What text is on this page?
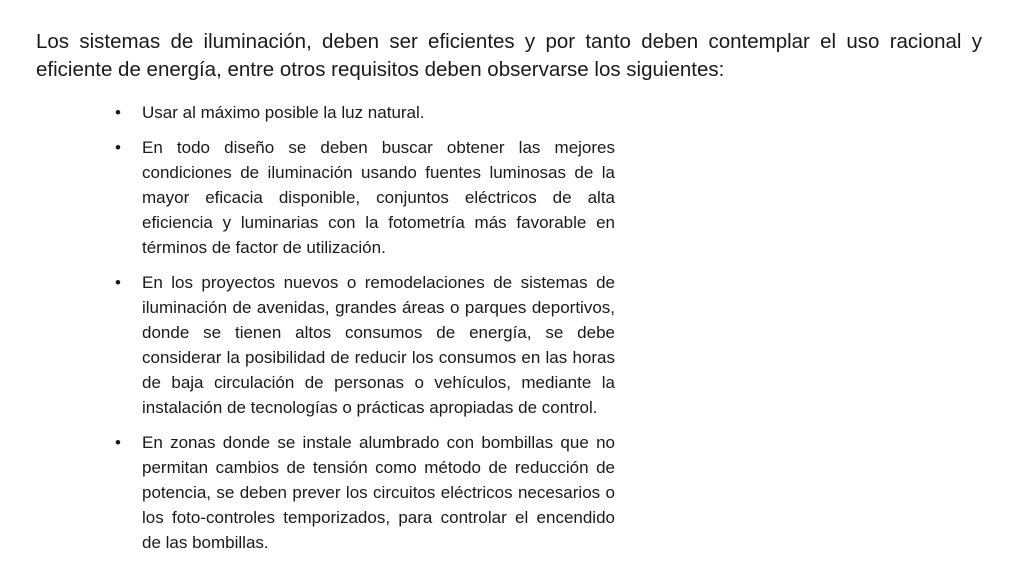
Los sistemas de iluminación, deben ser eficientes y por tanto deben contemplar el uso racional y eficiente de energía, entre otros requisitos deben observarse los siguientes:

•	Usar al máximo posible la luz natural.
•	En todo diseño se deben buscar obtener las mejores condiciones de iluminación usando fuentes luminosas de la mayor eficacia disponible, conjuntos eléctricos de alta eficiencia y luminarias con la fotometría más favorable en términos de factor de utilización.
•	En los proyectos nuevos o remodelaciones de sistemas de iluminación de avenidas, grandes áreas o parques deportivos, donde se tienen altos consumos de energía, se debe considerar la posibilidad de reducir los consumos en las horas de baja circulación de personas o vehículos, mediante la instalación de tecnologías o prácticas apropiadas de control.
•	En zonas donde se instale alumbrado con bombillas que no permitan cambios de tensión como método de reducción de potencia, se deben prever los circuitos eléctricos necesarios o los foto-controles temporizados, para controlar el encendido de las bombillas.
